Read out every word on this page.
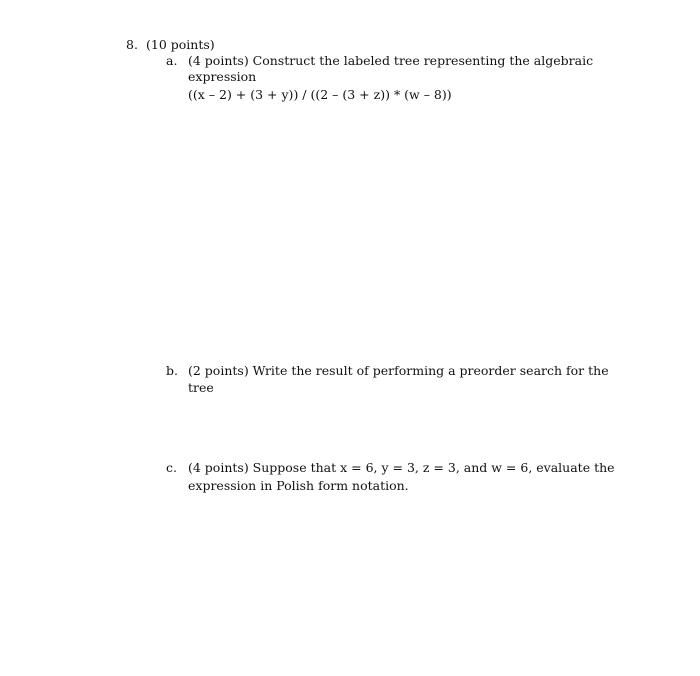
8. (10 points)
a. (4 points) Construct the labeled tree representing the algebraic
expression
((x – 2) + (3 + y)) / ((2 – (3 + z)) * (w – 8))
b. (2 points) Write the result of performing a preorder search for the
tree
c. (4 points) Suppose that x = 6, y = 3, z = 3, and w = 6, evaluate the
expression in Polish form notation.
